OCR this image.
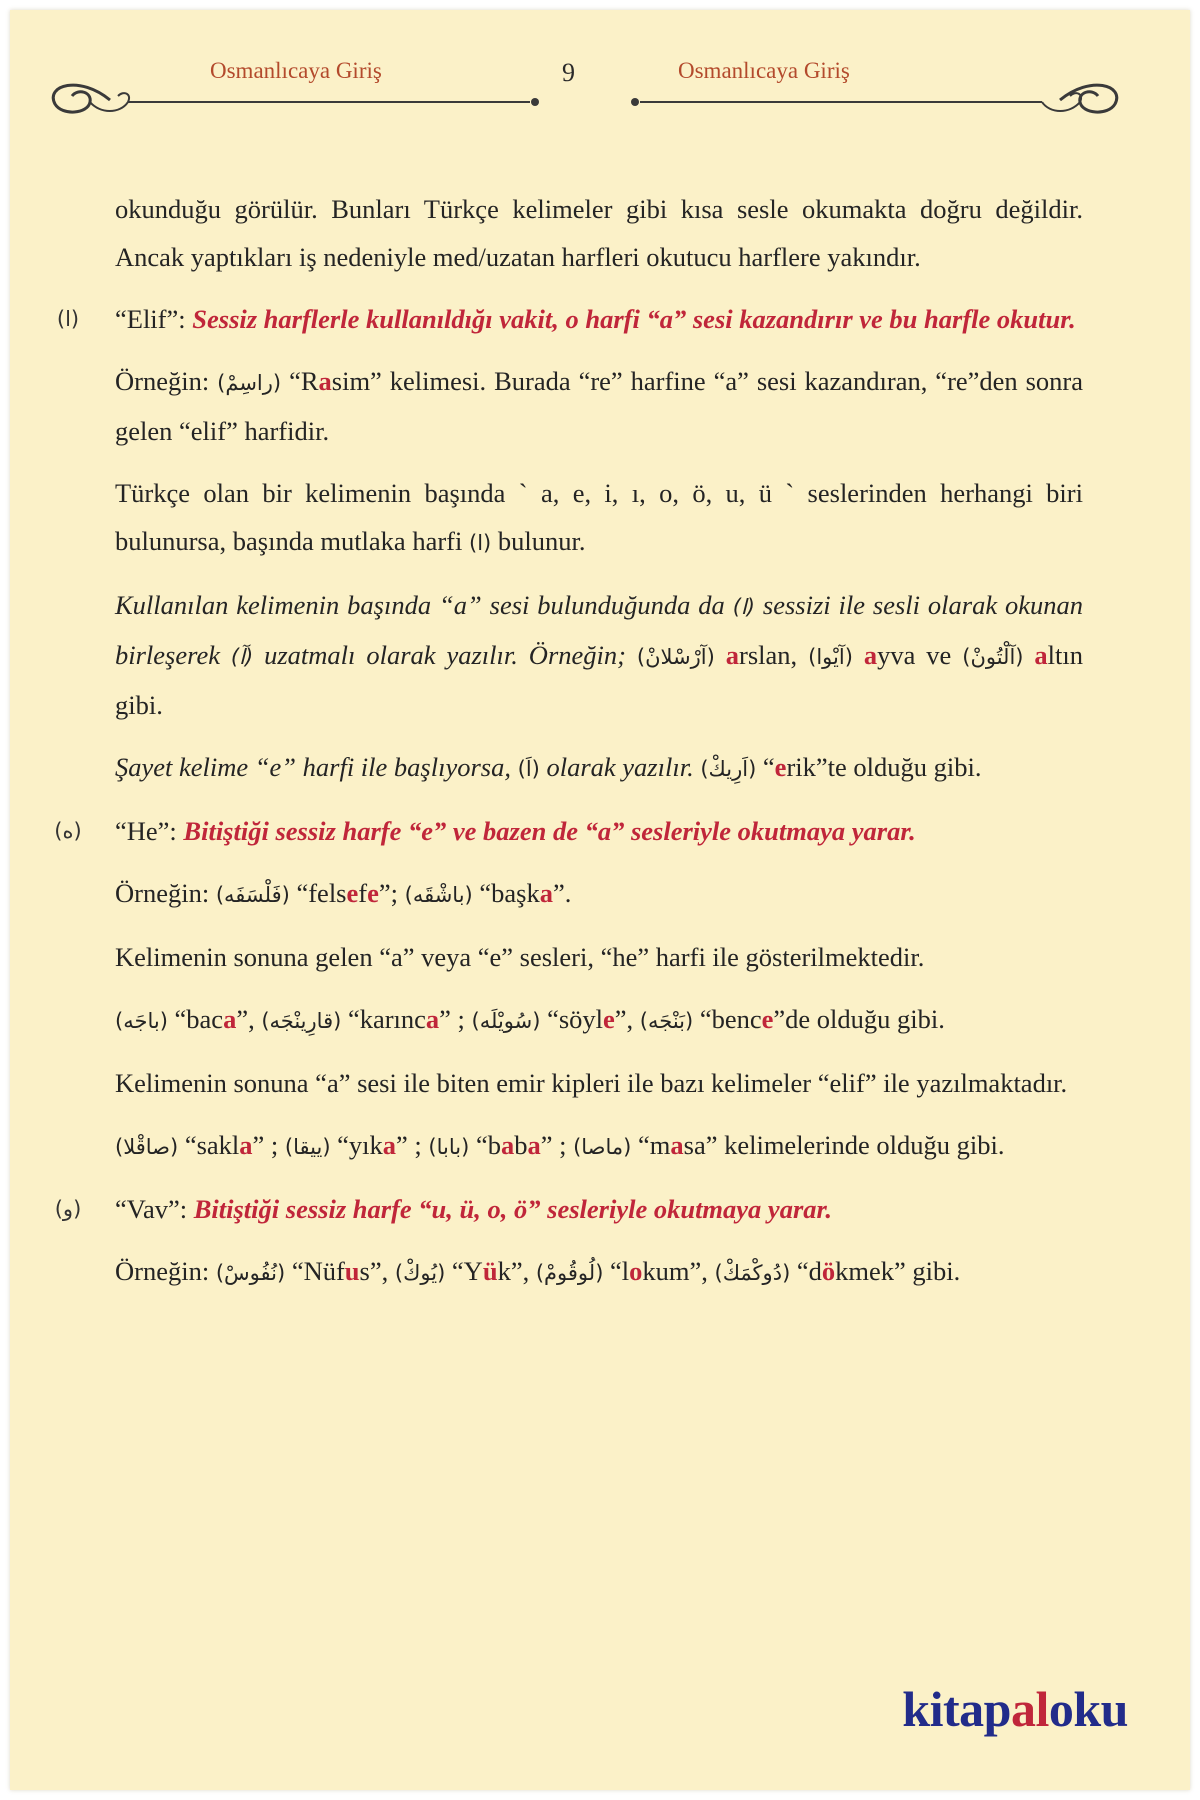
Osmanlıcaya Giriş	9	Osmanlıcaya Giriş

okunduğu görülür. Bunları Türkçe kelimeler gibi kısa sesle okumakta doğru değildir. Ancak yaptıkları iş nedeniyle med/uzatan harfleri okutucu harflere yakındır.

(ا)	“Elif”: Sessiz harflerle kullanıldığı vakit, o harfi “a” sesi kazandırır ve bu harfle okutur.

Örneğin: (راسِمْ) “Rasim” kelimesi. Burada “re” harfine “a” sesi kazandıran, “re”den sonra gelen “elif” harfidir.

Türkçe olan bir kelimenin başında ` a, e, i, ı, o, ö, u, ü ` seslerinden herhangi biri bulunursa, başında mutlaka harfi (ا) bulunur.

Kullanılan kelimenin başında “a” sesi bulunduğunda da (ا) sessizi ile sesli olarak okunan birleşerek (آ) uzatmalı olarak yazılır. Örneğin; (آرْسْلانْ) arslan, (آيْوا) ayva ve (آلْتُونْ) altın gibi.

Şayet kelime “e” harfi ile başlıyorsa, (اَ) olarak yazılır. (اَرِيكْ) “erik”te olduğu gibi.

(ه)	“He”: Bitiştiği sessiz harfe “e” ve bazen de “a” sesleriyle okutmaya yarar.

Örneğin: (فَلْسَفَه) “felsefe”; (باشْقَه) “başka”.

Kelimenin sonuna gelen “a” veya “e” sesleri, “he” harfi ile gösterilmektedir.

(باجَه) “baca”, (قارِينْجَه) “karınca” ; (سُويْلَه) “söyle”, (بَنْجَه) “bence”de olduğu gibi.

Kelimenin sonuna “a” sesi ile biten emir kipleri ile bazı kelimeler “elif” ile yazılmaktadır.

(صاقْلا) “sakla” ; (ييقا) “yıka” ; (بابا) “baba” ; (ماصا) “masa” kelimelerinde olduğu gibi.

(و)	“Vav”: Bitiştiği sessiz harfe “u, ü, o, ö” sesleriyle okutmaya yarar.

Örneğin: (نُفُوسْ) “Nüfus”, (يُوكْ) “Yük”, (لُوقُومْ) “lokum”, (دُوكْمَكْ) “dökmek” gibi.

kitapaloku
